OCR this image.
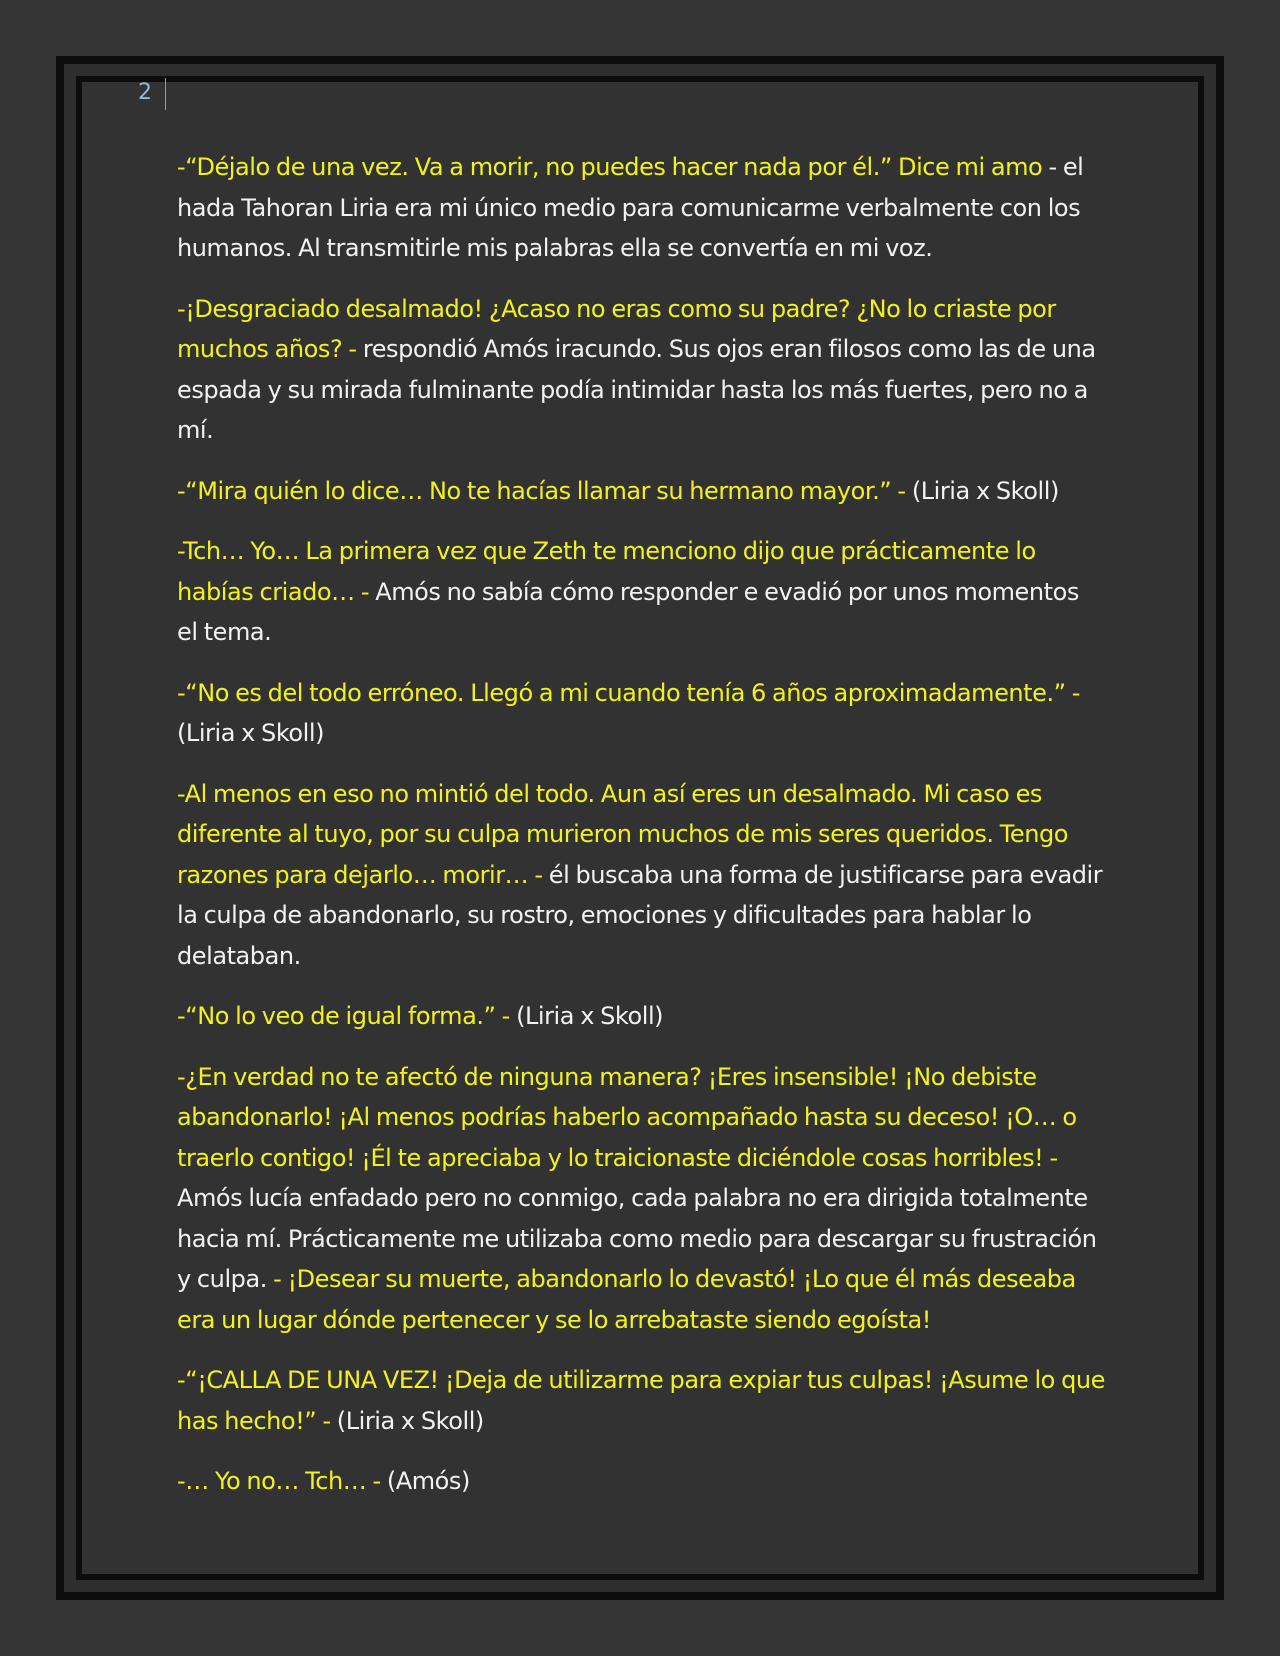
2

-“Déjalo de una vez. Va a morir, no puedes hacer nada por él.” Dice mi amo - el hada Tahoran Liria era mi único medio para comunicarme verbalmente con los humanos. Al transmitirle mis palabras ella se convertía en mi voz.

-¡Desgraciado desalmado! ¿Acaso no eras como su padre? ¿No lo criaste por muchos años? - respondió Amós iracundo. Sus ojos eran filosos como las de una espada y su mirada fulminante podía intimidar hasta los más fuertes, pero no a mí.

-“Mira quién lo dice… No te hacías llamar su hermano mayor.” - (Liria x Skoll)

-Tch… Yo… La primera vez que Zeth te menciono dijo que prácticamente lo habías criado… - Amós no sabía cómo responder e evadió por unos momentos el tema.

-“No es del todo erróneo. Llegó a mi cuando tenía 6 años aproximadamente.” - (Liria x Skoll)

-Al menos en eso no mintió del todo. Aun así eres un desalmado. Mi caso es diferente al tuyo, por su culpa murieron muchos de mis seres queridos. Tengo razones para dejarlo… morir… - él buscaba una forma de justificarse para evadir la culpa de abandonarlo, su rostro, emociones y dificultades para hablar lo delataban.

-“No lo veo de igual forma.” - (Liria x Skoll)

-¿En verdad no te afectó de ninguna manera? ¡Eres insensible! ¡No debiste abandonarlo! ¡Al menos podrías haberlo acompañado hasta su deceso! ¡O… o traerlo contigo! ¡Él te apreciaba y lo traicionaste diciéndole cosas horribles! - Amós lucía enfadado pero no conmigo, cada palabra no era dirigida totalmente hacia mí. Prácticamente me utilizaba como medio para descargar su frustración y culpa. - ¡Desear su muerte, abandonarlo lo devastó! ¡Lo que él más deseaba era un lugar dónde pertenecer y se lo arrebataste siendo egoísta!

-“¡CALLA DE UNA VEZ! ¡Deja de utilizarme para expiar tus culpas! ¡Asume lo que has hecho!” - (Liria x Skoll)

-… Yo no… Tch… - (Amós)
